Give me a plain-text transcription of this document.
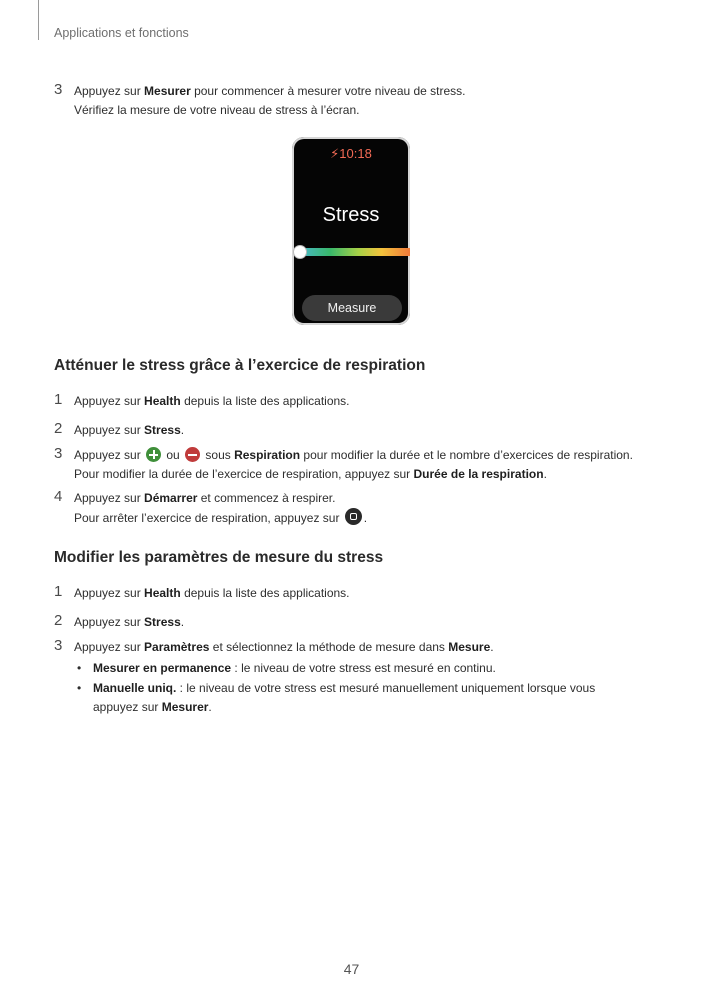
Applications et fonctions
3 Appuyez sur Mesurer pour commencer à mesurer votre niveau de stress.
Vérifiez la mesure de votre niveau de stress à l’écran.
⚡10:18
Stress
Measure
Atténuer le stress grâce à l’exercice de respiration
1 Appuyez sur Health depuis la liste des applications.
2 Appuyez sur Stress.
3 Appuyez sur  ou  sous Respiration pour modifier la durée et le nombre d’exercices de respiration.
Pour modifier la durée de l’exercice de respiration, appuyez sur Durée de la respiration.
4 Appuyez sur Démarrer et commencez à respirer.
Pour arrêter l’exercice de respiration, appuyez sur .
Modifier les paramètres de mesure du stress
1 Appuyez sur Health depuis la liste des applications.
2 Appuyez sur Stress.
3 Appuyez sur Paramètres et sélectionnez la méthode de mesure dans Mesure.
• Mesurer en permanence : le niveau de votre stress est mesuré en continu.
• Manuelle uniq. : le niveau de votre stress est mesuré manuellement uniquement lorsque vous appuyez sur Mesurer.
47
